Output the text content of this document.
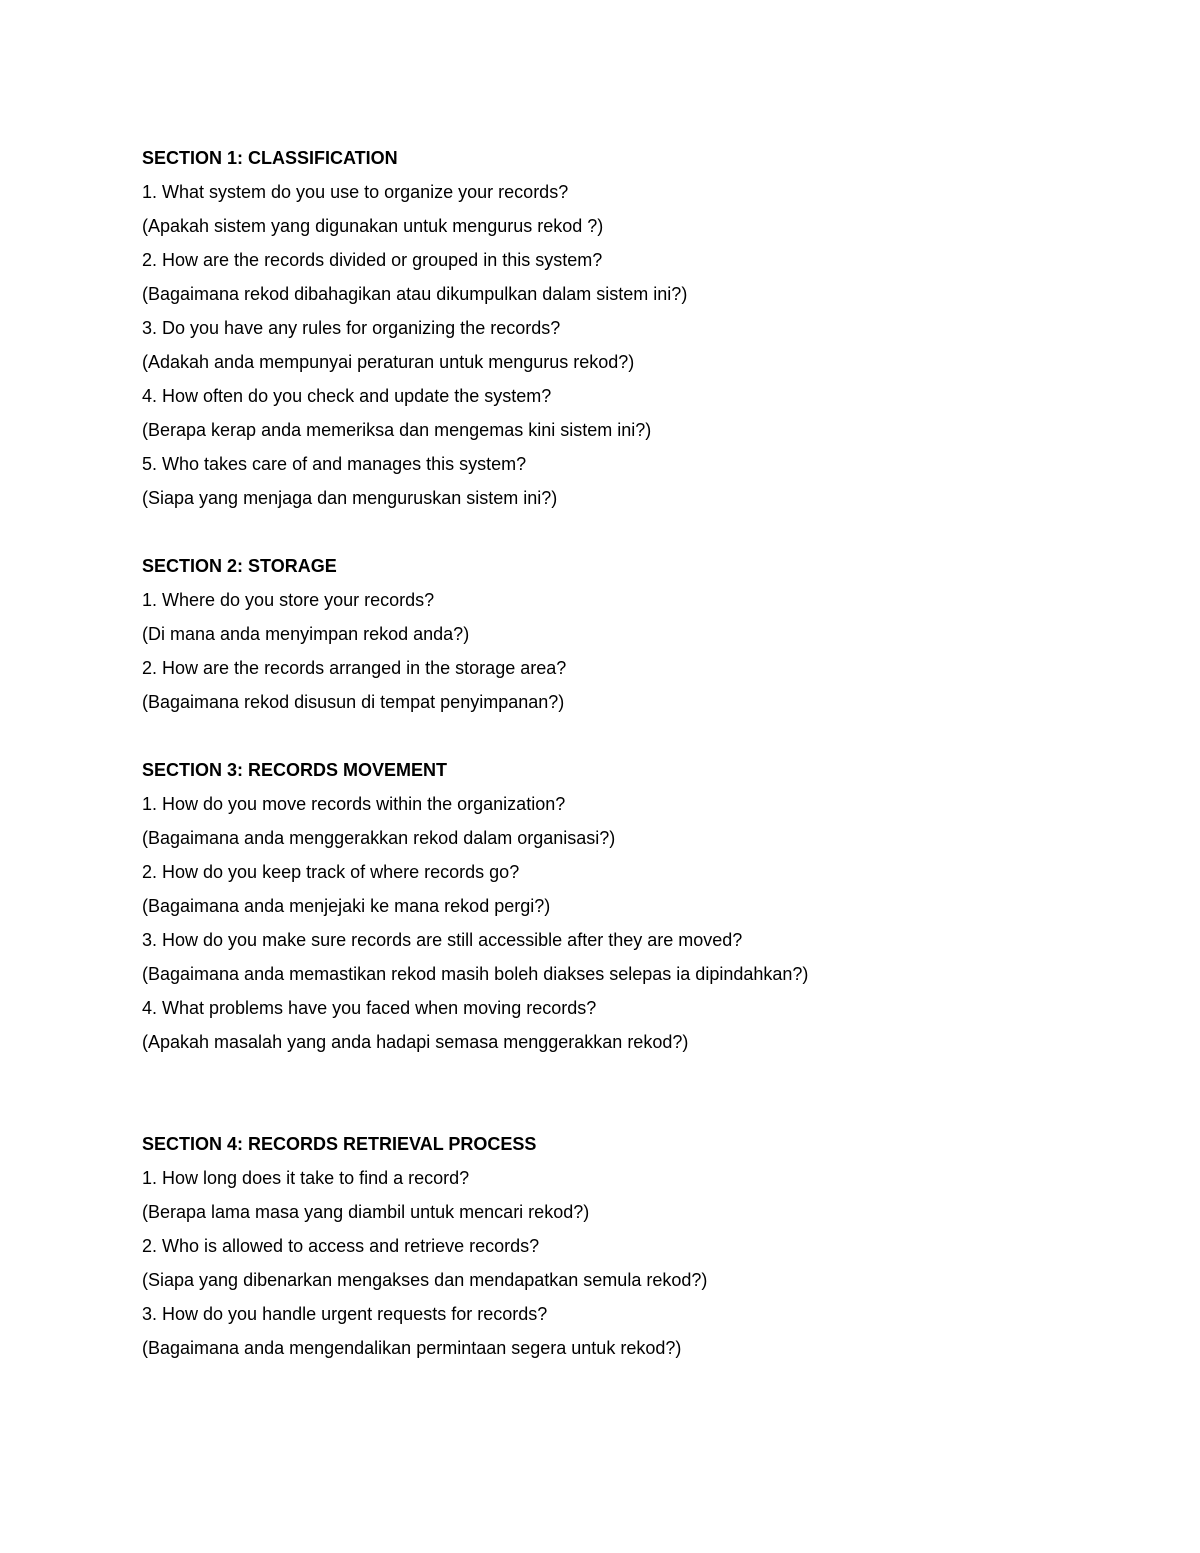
SECTION 1: CLASSIFICATION
1. What system do you use to organize your records?
(Apakah sistem yang digunakan untuk mengurus rekod ?)
2. How are the records divided or grouped in this system?
(Bagaimana rekod dibahagikan atau dikumpulkan dalam sistem ini?)
3. Do you have any rules for organizing the records?
(Adakah anda mempunyai peraturan untuk mengurus rekod?)
4. How often do you check and update the system?
(Berapa kerap anda memeriksa dan mengemas kini sistem ini?)
5. Who takes care of and manages this system?
(Siapa yang menjaga dan menguruskan sistem ini?)
SECTION 2: STORAGE
1. Where do you store your records?
(Di mana anda menyimpan rekod anda?)
2. How are the records arranged in the storage area?
(Bagaimana rekod disusun di tempat penyimpanan?)
SECTION 3: RECORDS MOVEMENT
1. How do you move records within the organization?
(Bagaimana anda menggerakkan rekod dalam organisasi?)
2. How do you keep track of where records go?
(Bagaimana anda menjejaki ke mana rekod pergi?)
3. How do you make sure records are still accessible after they are moved?
(Bagaimana anda memastikan rekod masih boleh diakses selepas ia dipindahkan?)
4. What problems have you faced when moving records?
(Apakah masalah yang anda hadapi semasa menggerakkan rekod?)
SECTION 4: RECORDS RETRIEVAL PROCESS
1. How long does it take to find a record?
(Berapa lama masa yang diambil untuk mencari rekod?)
2. Who is allowed to access and retrieve records?
(Siapa yang dibenarkan mengakses dan mendapatkan semula rekod?)
3. How do you handle urgent requests for records?
(Bagaimana anda mengendalikan permintaan segera untuk rekod?)
